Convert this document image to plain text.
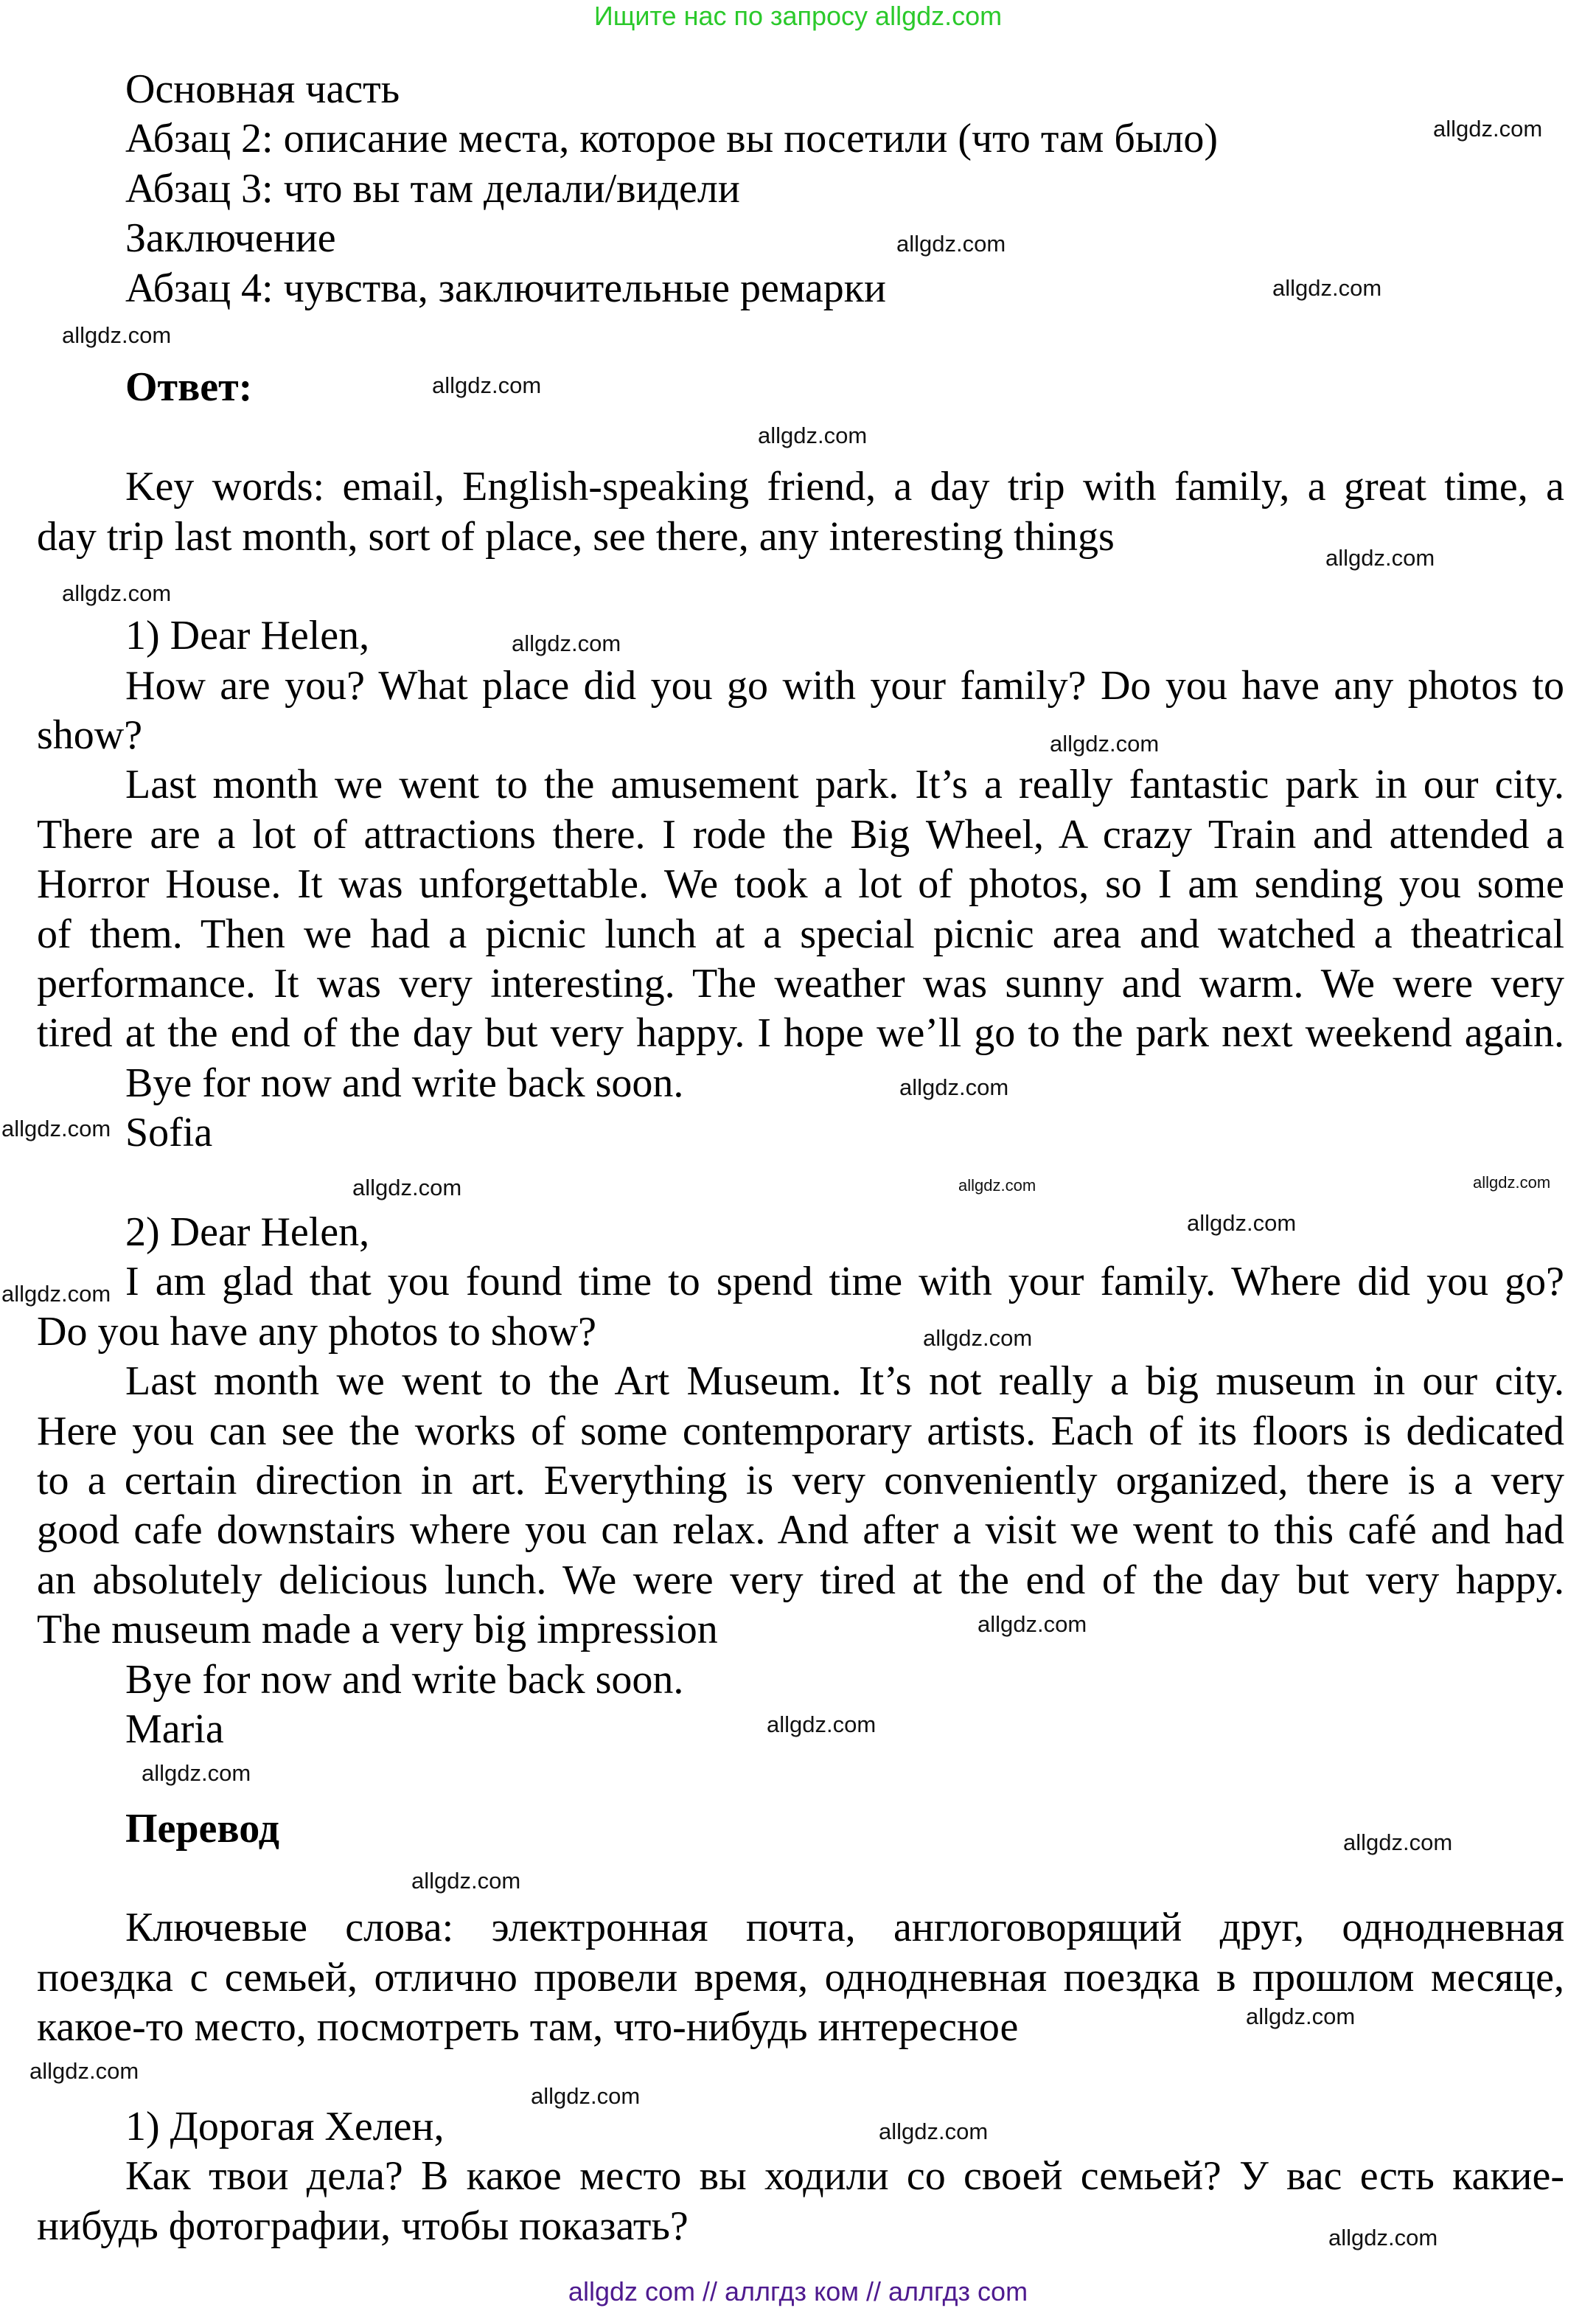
Ищите нас по запросу allgdz.com
Основная часть
Абзац 2: описание места, которое вы посетили (что там было)
Абзац 3: что вы там делали/видели
Заключение
Абзац 4: чувства, заключительные ремарки
Ответ:
Key words: email, English-speaking friend, a day trip with family, a great time, a
day trip last month, sort of place, see there, any interesting things
1) Dear Helen,
How are you? What place did you go with your family? Do you have any photos to
show?
Last month we went to the amusement park. It’s a really fantastic park in our city.
There are a lot of attractions there. I rode the Big Wheel, A crazy Train and attended a
Horror House. It was unforgettable. We took a lot of photos, so I am sending you some
of them. Then we had a picnic lunch at a special picnic area and watched a theatrical
performance. It was very interesting. The weather was sunny and warm. We were very
tired at the end of the day but very happy. I hope we’ll go to the park next weekend again.
Bye for now and write back soon.
Sofia
2) Dear Helen,
I am glad that you found time to spend time with your family. Where did you go?
Do you have any photos to show?
Last month we went to the Art Museum. It’s not really a big museum in our city.
Here you can see the works of some contemporary artists. Each of its floors is dedicated
to a certain direction in art. Everything is very conveniently organized, there is a very
good cafe downstairs where you can relax. And after a visit we went to this café and had
an absolutely delicious lunch. We were very tired at the end of the day but very happy.
The museum made a very big impression
Bye for now and write back soon.
Maria
Перевод
Ключевые слова: электронная почта, англоговорящий друг, однодневная
поездка с семьей, отлично провели время, однодневная поездка в прошлом месяце,
какое-то место, посмотреть там, что-нибудь интересное
1) Дорогая Хелен,
Как твои дела? В какое место вы ходили со своей семьей? У вас есть какие-
нибудь фотографии, чтобы показать?
allgdz.com
allgdz.com
allgdz.com
allgdz.com
allgdz.com
allgdz.com
allgdz.com
allgdz.com
allgdz.com
allgdz.com
allgdz.com
allgdz.com
allgdz.com
allgdz.com
allgdz.com
allgdz.com
allgdz.com
allgdz.com
allgdz.com
allgdz.com
allgdz.com
allgdz.com
allgdz.com
allgdz.com
allgdz.com
allgdz.com
allgdz.com
allgdz.com
allgdz com // аллгдз ком // аллгдз com
